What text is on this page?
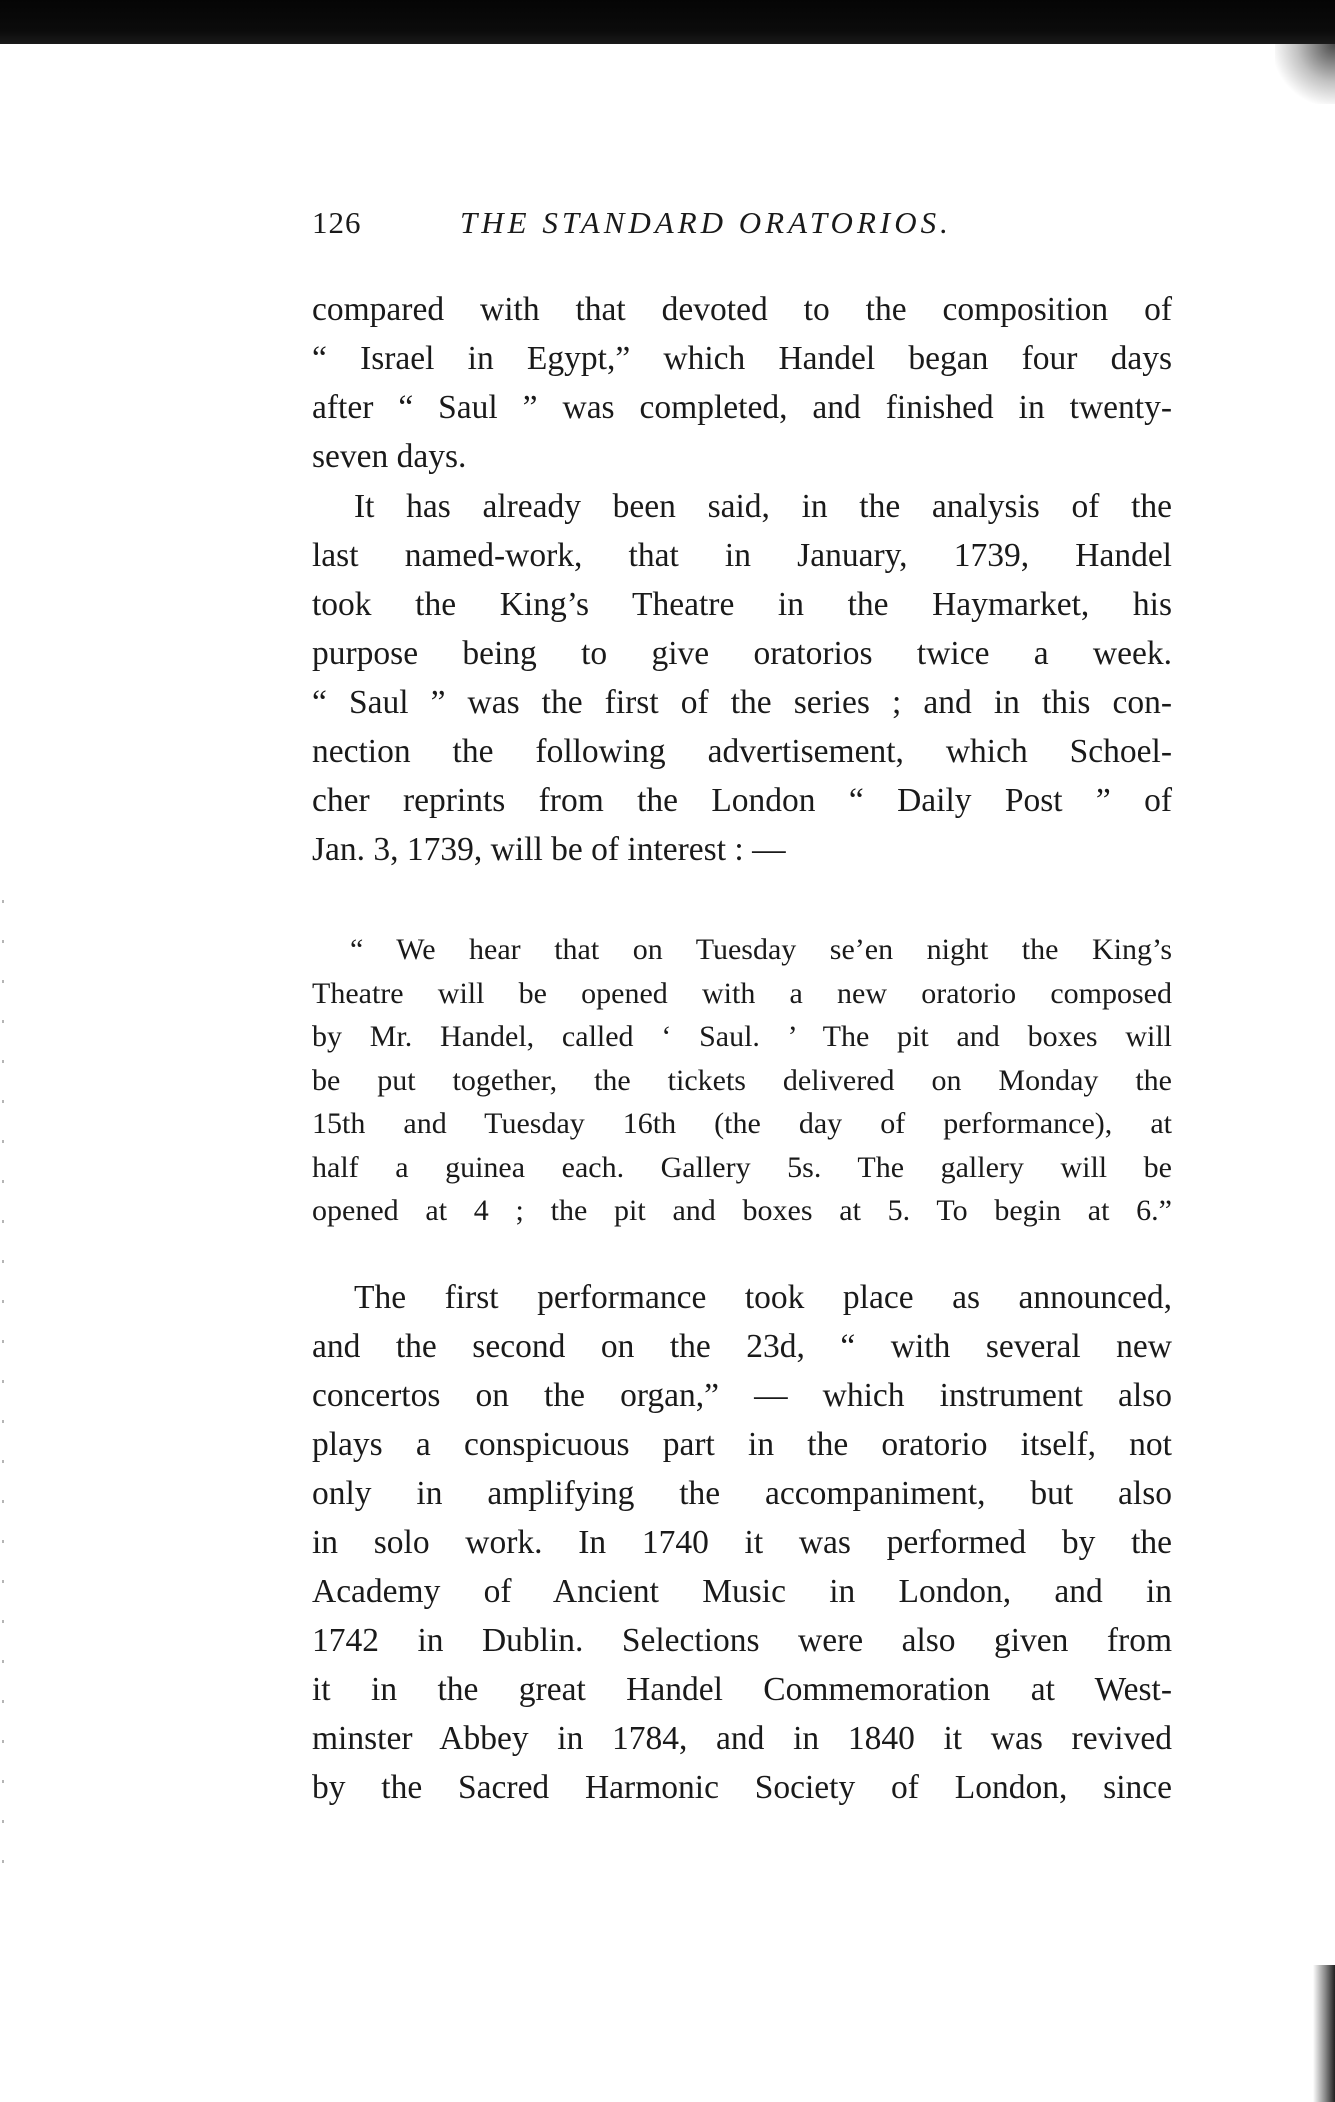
126	THE STANDARD ORATORIOS.
compared with that devoted to the composition of
“ Israel in Egypt,” which Handel began four days
after “ Saul ” was completed, and finished in twenty-
seven days.
It has already been said, in the analysis of the
last named-work, that in January, 1739, Handel
took the King’s Theatre in the Haymarket, his
purpose being to give oratorios twice a week.
“ Saul ” was the first of the series ; and in this con-
nection the following advertisement, which Schoel-
cher reprints from the London “ Daily Post ” of
Jan. 3, 1739, will be of interest : —
“ We hear that on Tuesday se’en night the King’s
Theatre will be opened with a new oratorio composed
by Mr. Handel, called ‘ Saul. ’ The pit and boxes will
be put together, the tickets delivered on Monday the
15th and Tuesday 16th (the day of performance), at
half a guinea each. Gallery 5s. The gallery will be
opened at 4 ; the pit and boxes at 5. To begin at 6.”
The first performance took place as announced,
and the second on the 23d, “ with several new
concertos on the organ,” — which instrument also
plays a conspicuous part in the oratorio itself, not
only in amplifying the accompaniment, but also
in solo work. In 1740 it was performed by the
Academy of Ancient Music in London, and in
1742 in Dublin. Selections were also given from
it in the great Handel Commemoration at West-
minster Abbey in 1784, and in 1840 it was revived
by the Sacred Harmonic Society of London, since
